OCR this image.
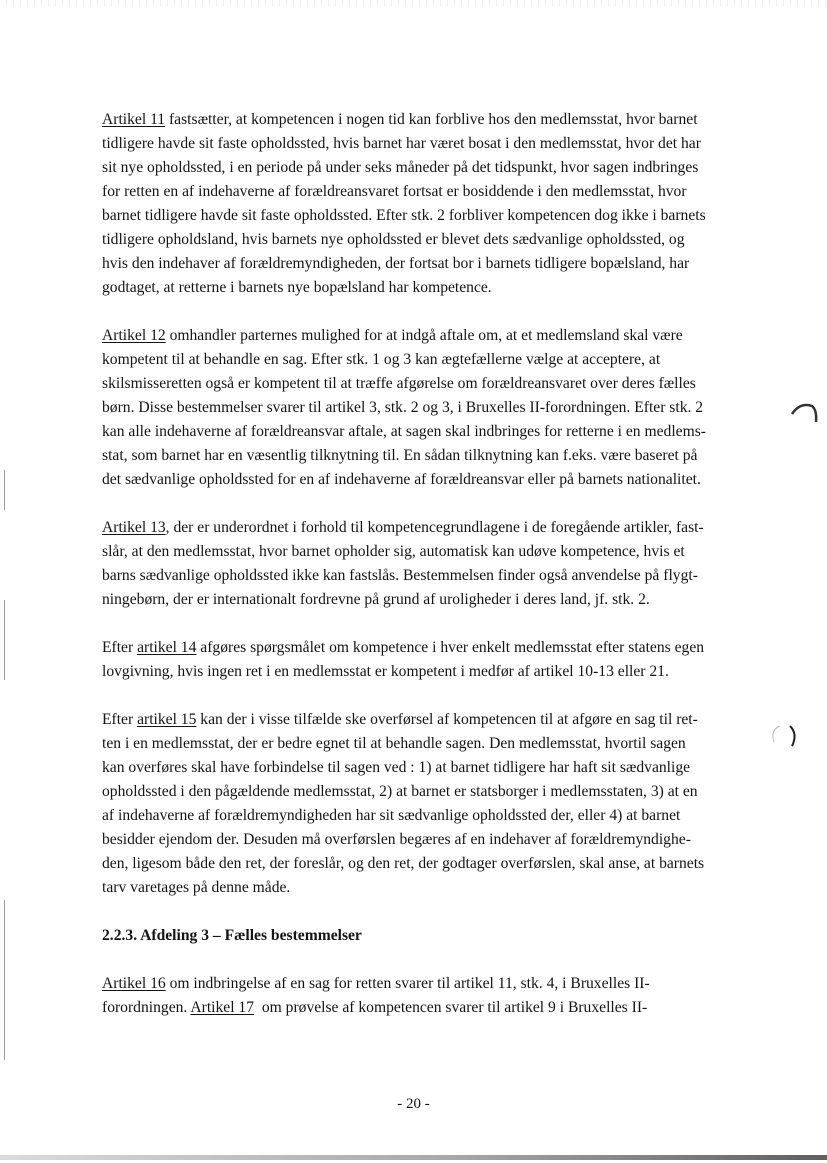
Artikel 11 fastsætter, at kompetencen i nogen tid kan forblive hos den medlemsstat, hvor barnet
tidligere havde sit faste opholdssted, hvis barnet har været bosat i den medlemsstat, hvor det har
sit nye opholdssted, i en periode på under seks måneder på det tidspunkt, hvor sagen indbringes
for retten en af indehaverne af forældreansvaret fortsat er bosiddende i den medlemsstat, hvor
barnet tidligere havde sit faste opholdssted. Efter stk. 2 forbliver kompetencen dog ikke i barnets
tidligere opholdsland, hvis barnets nye opholdssted er blevet dets sædvanlige opholdssted, og
hvis den indehaver af forældremyndigheden, der fortsat bor i barnets tidligere bopælsland, har
godtaget, at retterne i barnets nye bopælsland har kompetence.

Artikel 12 omhandler parternes mulighed for at indgå aftale om, at et medlemsland skal være
kompetent til at behandle en sag. Efter stk. 1 og 3 kan ægtefællerne vælge at acceptere, at
skilsmisseretten også er kompetent til at træffe afgørelse om forældreansvaret over deres fælles
børn. Disse bestemmelser svarer til artikel 3, stk. 2 og 3, i Bruxelles II-forordningen. Efter stk. 2
kan alle indehaverne af forældreansvar aftale, at sagen skal indbringes for retterne i en medlems-
stat, som barnet har en væsentlig tilknytning til. En sådan tilknytning kan f.eks. være baseret på
det sædvanlige opholdssted for en af indehaverne af forældreansvar eller på barnets nationalitet.

Artikel 13, der er underordnet i forhold til kompetencegrundlagene i de foregående artikler, fast-
slår, at den medlemsstat, hvor barnet opholder sig, automatisk kan udøve kompetence, hvis et
barns sædvanlige opholdssted ikke kan fastslås. Bestemmelsen finder også anvendelse på flygt-
ningebørn, der er internationalt fordrevne på grund af uroligheder i deres land, jf. stk. 2.

Efter artikel 14 afgøres spørgsmålet om kompetence i hver enkelt medlemsstat efter statens egen
lovgivning, hvis ingen ret i en medlemsstat er kompetent i medfør af artikel 10-13 eller 21.

Efter artikel 15 kan der i visse tilfælde ske overførsel af kompetencen til at afgøre en sag til ret-
ten i en medlemsstat, der er bedre egnet til at behandle sagen. Den medlemsstat, hvortil sagen
kan overføres skal have forbindelse til sagen ved : 1) at barnet tidligere har haft sit sædvanlige
opholdssted i den pågældende medlemsstat, 2) at barnet er statsborger i medlemsstaten, 3) at en
af indehaverne af forældremyndigheden har sit sædvanlige opholdssted der, eller 4) at barnet
besidder ejendom der. Desuden må overførslen begæres af en indehaver af forældremyndighe-
den, ligesom både den ret, der foreslår, og den ret, der godtager overførslen, skal anse, at barnets
tarv varetages på denne måde.

2.2.3. Afdeling 3 – Fælles bestemmelser

Artikel 16 om indbringelse af en sag for retten svarer til artikel 11, stk. 4, i Bruxelles II-
forordningen. Artikel 17  om prøvelse af kompetencen svarer til artikel 9 i Bruxelles II-

- 20 -
